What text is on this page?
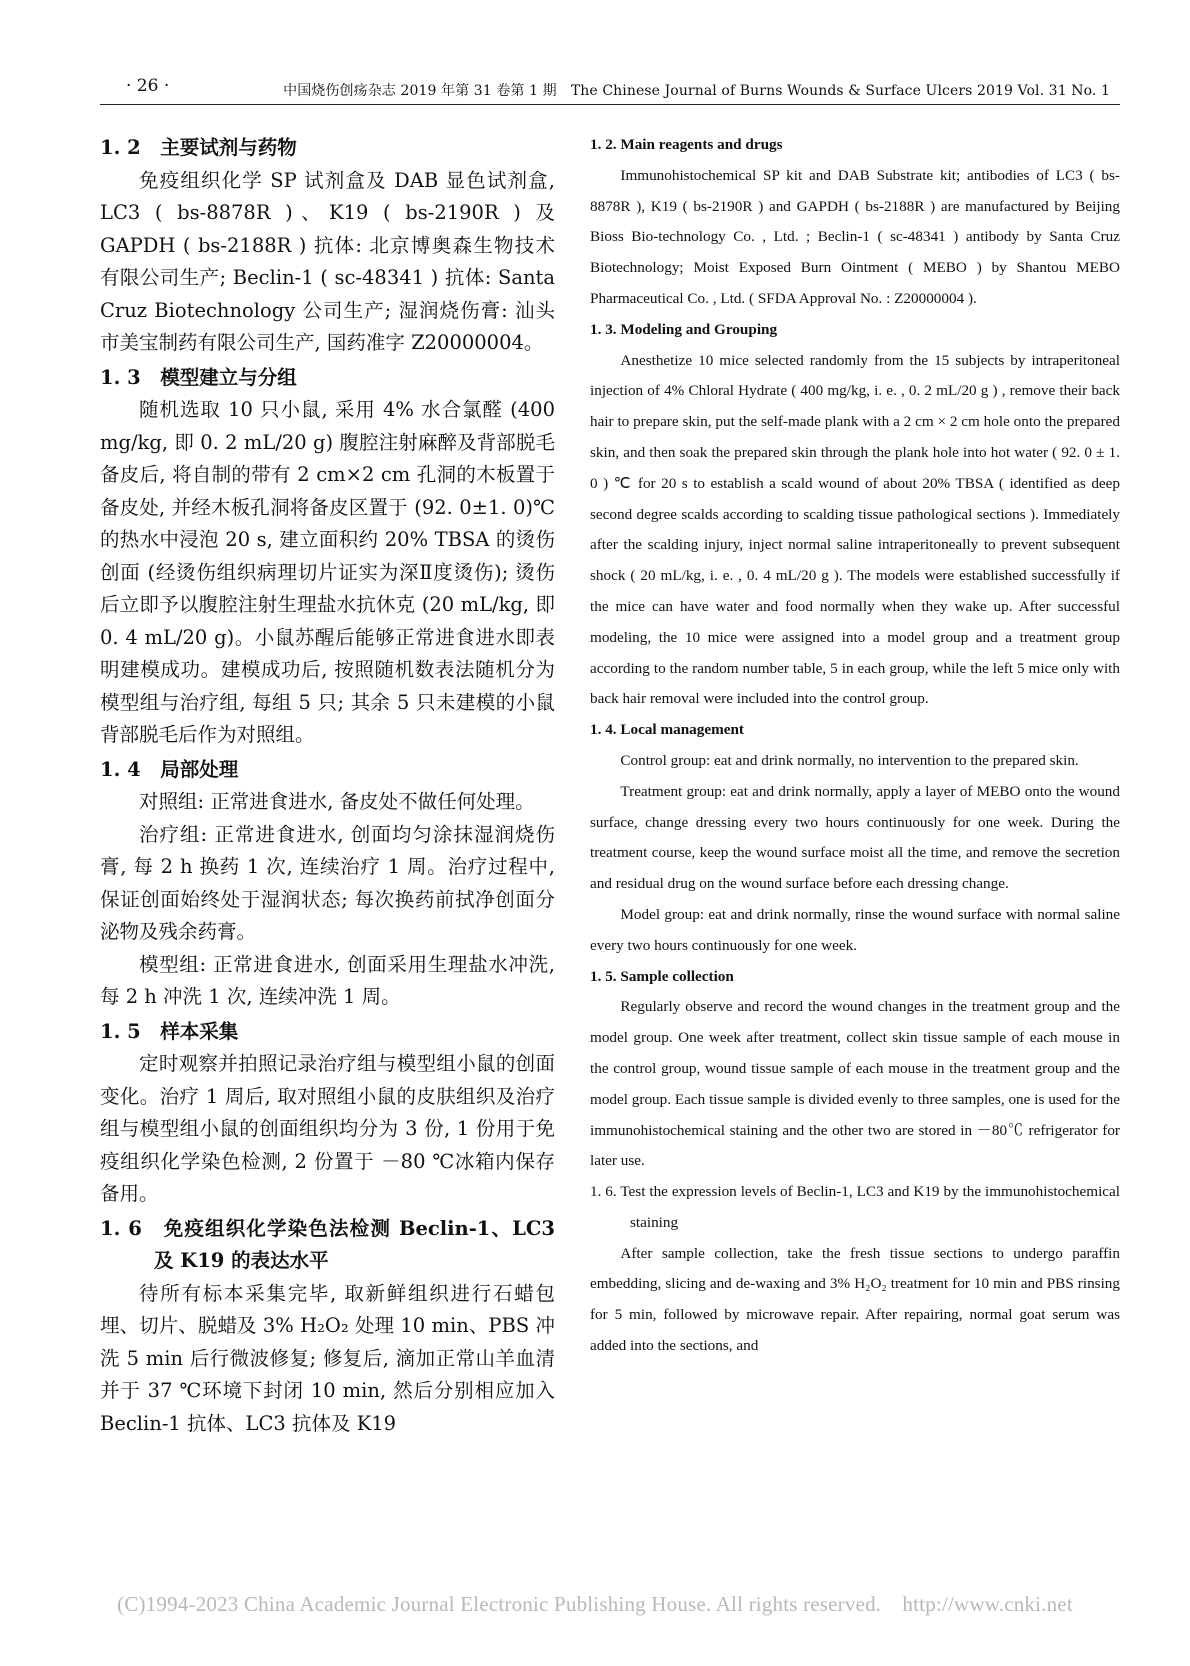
· 26 ·	中国烧伤创疡杂志 2019 年第 31 卷第 1 期　The Chinese Journal of Burns Wounds & Surface Ulcers 2019 Vol. 31 No. 1
1. 2　主要试剂与药物
免疫组织化学 SP 试剂盒及 DAB 显色试剂盒, LC3 ( bs-8878R )、K19 ( bs-2190R ) 及 GAPDH ( bs-2188R ) 抗体: 北京博奥森生物技术有限公司生产; Beclin-1 ( sc-48341 ) 抗体: Santa Cruz Biotechnology 公司生产; 湿润烧伤膏: 汕头市美宝制药有限公司生产, 国药准字 Z20000004。
1. 3　模型建立与分组
随机选取 10 只小鼠, 采用 4% 水合氯醛 (400 mg/kg, 即 0. 2 mL/20 g) 腹腔注射麻醉及背部脱毛备皮后, 将自制的带有 2 cm×2 cm 孔洞的木板置于备皮处, 并经木板孔洞将备皮区置于 (92. 0±1. 0)℃的热水中浸泡 20 s, 建立面积约 20% TBSA 的烫伤创面 (经烫伤组织病理切片证实为深Ⅱ度烫伤); 烫伤后立即予以腹腔注射生理盐水抗休克 (20 mL/kg, 即 0. 4 mL/20 g)。小鼠苏醒后能够正常进食进水即表明建模成功。建模成功后, 按照随机数表法随机分为模型组与治疗组, 每组 5 只; 其余 5 只未建模的小鼠背部脱毛后作为对照组。
1. 4　局部处理
对照组: 正常进食进水, 备皮处不做任何处理。
治疗组: 正常进食进水, 创面均匀涂抹湿润烧伤膏, 每 2 h 换药 1 次, 连续治疗 1 周。治疗过程中, 保证创面始终处于湿润状态; 每次换药前拭净创面分泌物及残余药膏。
模型组: 正常进食进水, 创面采用生理盐水冲洗, 每 2 h 冲洗 1 次, 连续冲洗 1 周。
1. 5　样本采集
定时观察并拍照记录治疗组与模型组小鼠的创面变化。治疗 1 周后, 取对照组小鼠的皮肤组织及治疗组与模型组小鼠的创面组织均分为 3 份, 1 份用于免疫组织化学染色检测, 2 份置于 －80 ℃冰箱内保存备用。
1. 6　免疫组织化学染色法检测 Beclin-1、LC3 及 K19 的表达水平
待所有标本采集完毕, 取新鲜组织进行石蜡包埋、切片、脱蜡及 3% H₂O₂ 处理 10 min、PBS 冲洗 5 min 后行微波修复; 修复后, 滴加正常山羊血清并于 37 ℃环境下封闭 10 min, 然后分别相应加入 Beclin-1 抗体、LC3 抗体及 K19
1. 2. Main reagents and drugs
Immunohistochemical SP kit and DAB Substrate kit; antibodies of LC3 ( bs-8878R ), K19 ( bs-2190R ) and GAPDH ( bs-2188R ) are manufactured by Beijing Bioss Bio-technology Co. , Ltd. ; Beclin-1 ( sc-48341 ) antibody by Santa Cruz Biotechnology; Moist Exposed Burn Ointment ( MEBO ) by Shantou MEBO Pharmaceutical Co. , Ltd. ( SFDA Approval No. : Z20000004 ).
1. 3. Modeling and Grouping
Anesthetize 10 mice selected randomly from the 15 subjects by intraperitoneal injection of 4% Chloral Hydrate ( 400 mg/kg, i. e. , 0. 2 mL/20 g ) , remove their back hair to prepare skin, put the self-made plank with a 2 cm × 2 cm hole onto the prepared skin, and then soak the prepared skin through the plank hole into hot water ( 92. 0 ± 1. 0 ) ℃ for 20 s to establish a scald wound of about 20% TBSA ( identified as deep second degree scalds according to scalding tissue pathological sections ). Immediately after the scalding injury, inject normal saline intraperitoneally to prevent subsequent shock ( 20 mL/kg, i. e. , 0. 4 mL/20 g ). The models were established successfully if the mice can have water and food normally when they wake up. After successful modeling, the 10 mice were assigned into a model group and a treatment group according to the random number table, 5 in each group, while the left 5 mice only with back hair removal were included into the control group.
1. 4. Local management
Control group: eat and drink normally, no intervention to the prepared skin.
Treatment group: eat and drink normally, apply a layer of MEBO onto the wound surface, change dressing every two hours continuously for one week. During the treatment course, keep the wound surface moist all the time, and remove the secretion and residual drug on the wound surface before each dressing change.
Model group: eat and drink normally, rinse the wound surface with normal saline every two hours continuously for one week.
1. 5. Sample collection
Regularly observe and record the wound changes in the treatment group and the model group. One week after treatment, collect skin tissue sample of each mouse in the control group, wound tissue sample of each mouse in the treatment group and the model group. Each tissue sample is divided evenly to three samples, one is used for the immunohistochemical staining and the other two are stored in －80℃ refrigerator for later use.
1. 6. Test the expression levels of Beclin-1, LC3 and K19 by the immunohistochemical staining
After sample collection, take the fresh tissue sections to undergo paraffin embedding, slicing and de-waxing and 3% H₂O₂ treatment for 10 min and PBS rinsing for 5 min, followed by microwave repair. After repairing, normal goat serum was added into the sections, and
(C)1994-2023 China Academic Journal Electronic Publishing House. All rights reserved.　http://www.cnki.net
